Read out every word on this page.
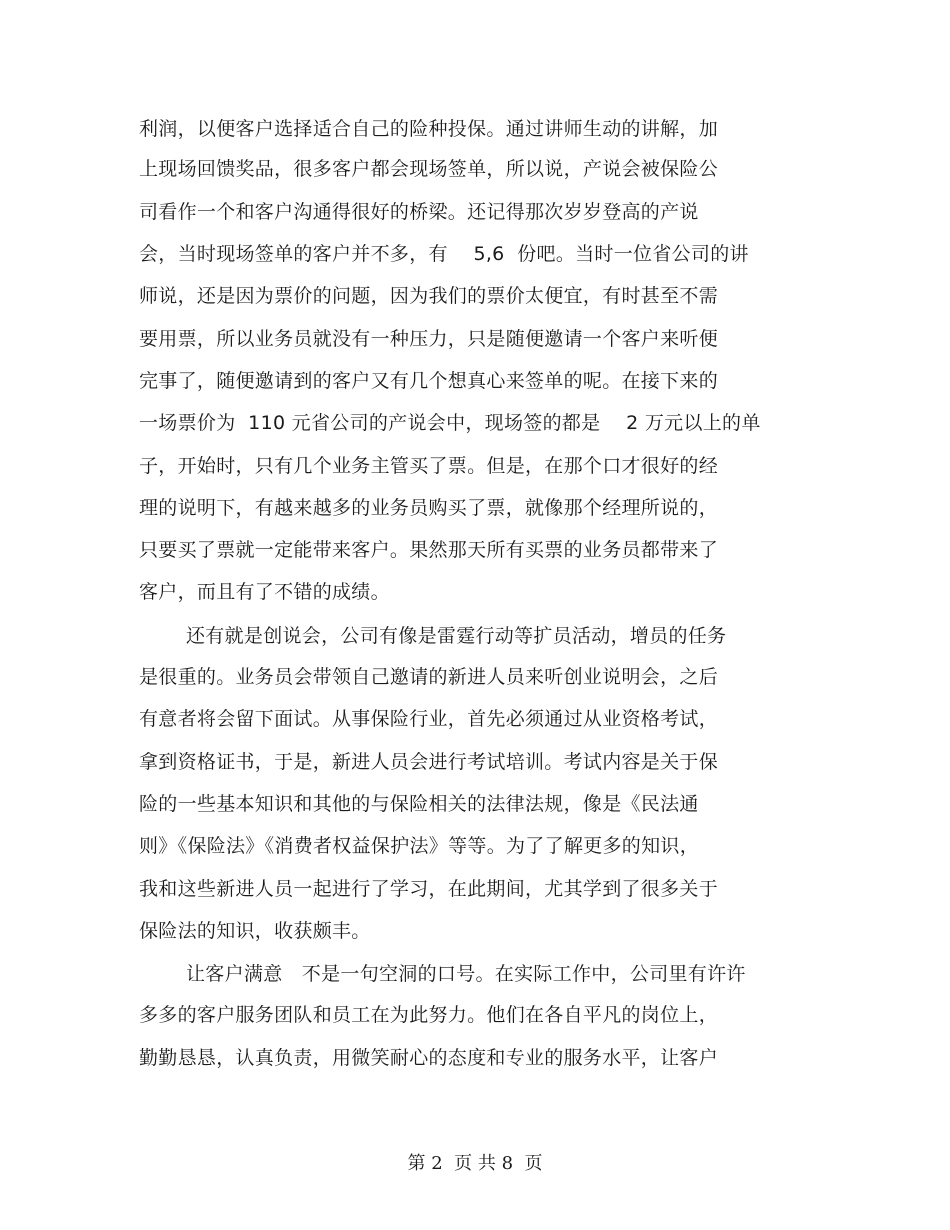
利润，以便客户选择适合自己的险种投保。通过讲师生动的讲解，加
上现场回馈奖品，很多客户都会现场签单，所以说，产说会被保险公
司看作一个和客户沟通得很好的桥梁。还记得那次岁岁登高的产说
会，当时现场签单的客户并不多，有　 5,6  份吧。当时一位省公司的讲
师说，还是因为票价的问题，因为我们的票价太便宜，有时甚至不需
要用票，所以业务员就没有一种压力，只是随便邀请一个客户来听便
完事了，随便邀请到的客户又有几个想真心来签单的呢。在接下来的
一场票价为  110 元省公司的产说会中，现场签的都是　 2 万元以上的单
子，开始时，只有几个业务主管买了票。但是，在那个口才很好的经
理的说明下，有越来越多的业务员购买了票，就像那个经理所说的，
只要买了票就一定能带来客户。果然那天所有买票的业务员都带来了
客户，而且有了不错的成绩。
还有就是创说会，公司有像是雷霆行动等扩员活动，增员的任务
是很重的。业务员会带领自己邀请的新进人员来听创业说明会，之后
有意者将会留下面试。从事保险行业，首先必须通过从业资格考试，
拿到资格证书，于是，新进人员会进行考试培训。考试内容是关于保
险的一些基本知识和其他的与保险相关的法律法规，像是《民法通
则》《保险法》《消费者权益保护法》等等。为了了解更多的知识，
我和这些新进人员一起进行了学习，在此期间，尤其学到了很多关于
保险法的知识，收获颇丰。
让客户满意　不是一句空洞的口号。在实际工作中，公司里有许许
多多的客户服务团队和员工在为此努力。他们在各自平凡的岗位上，
勤勤恳恳，认真负责，用微笑耐心的态度和专业的服务水平，让客户
第 2  页 共 8  页
